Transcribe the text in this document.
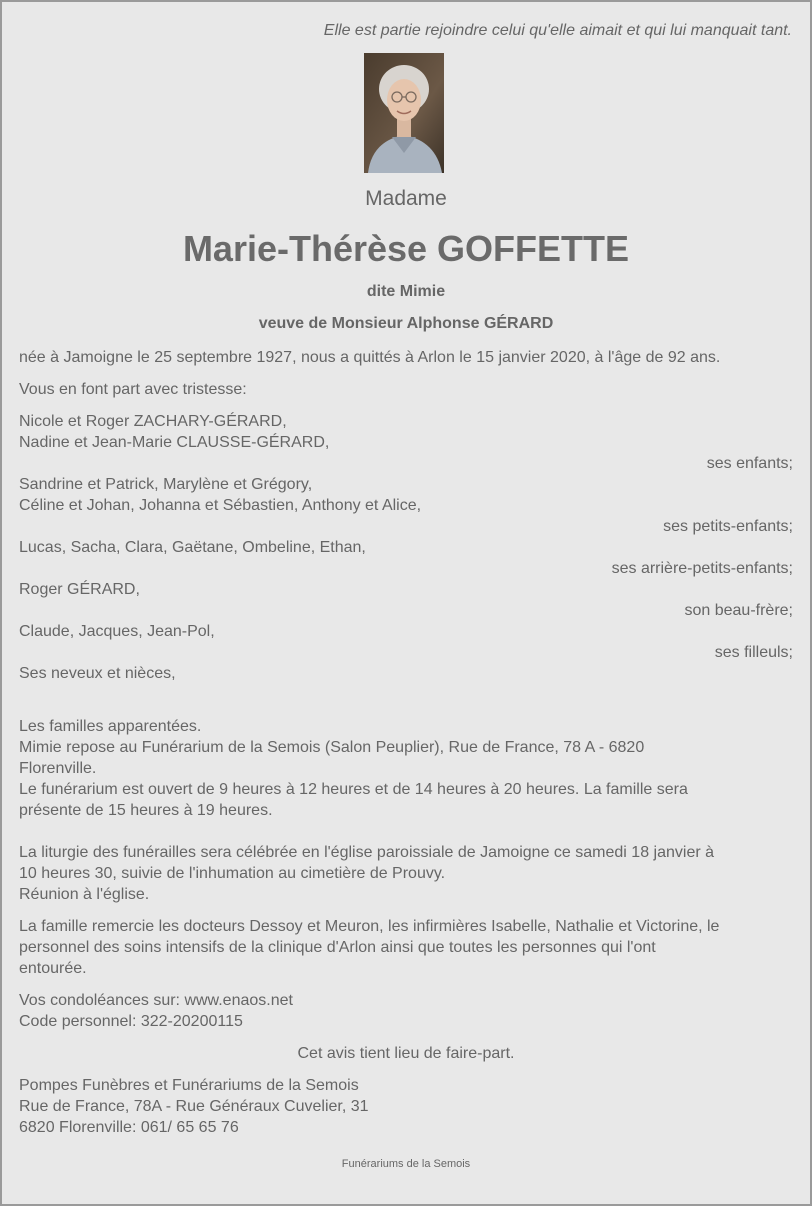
Elle est partie rejoindre celui qu'elle aimait et qui lui manquait tant.
Madame
Marie-Thérèse GOFFETTE
dite Mimie
veuve de Monsieur Alphonse GÉRARD

née à Jamoigne le 25 septembre 1927, nous a quittés à Arlon le 15 janvier 2020, à l'âge de 92 ans.

Vous en font part avec tristesse:

Nicole et Roger ZACHARY-GÉRARD,

Nadine et Jean-Marie CLAUSSE-GÉRARD,

ses enfants;

Sandrine et Patrick, Marylène et Grégory,

Céline et Johan, Johanna et Sébastien, Anthony et Alice,

ses petits-enfants;

Lucas, Sacha, Clara, Gaëtane, Ombeline, Ethan,

ses arrière-petits-enfants;

Roger GÉRARD,

son beau-frère;

Claude, Jacques, Jean-Pol,

ses filleuls;

Ses neveux et nièces,

Les familles apparentées.

Mimie repose au Funérarium de la Semois (Salon Peuplier), Rue de France, 78 A - 6820

Florenville.

Le funérarium est ouvert de 9 heures à 12 heures et de 14 heures à 20 heures. La famille sera

présente de 15 heures à 19 heures.

La liturgie des funérailles sera célébrée en l'église paroissiale de Jamoigne ce samedi 18 janvier à

10 heures 30, suivie de l'inhumation au cimetière de Prouvy.

Réunion à l'église.

La famille remercie les docteurs Dessoy et Meuron, les infirmières Isabelle, Nathalie et Victorine, le

personnel des soins intensifs de la clinique d'Arlon ainsi que toutes les personnes qui l'ont

entourée.

Vos condoléances sur: www.enaos.net

Code personnel: 322-20200115

Cet avis tient lieu de faire-part.

Pompes Funèbres et Funérariums de la Semois

Rue de France, 78A - Rue Généraux Cuvelier, 31

6820 Florenville: 061/ 65 65 76

Funérariums de la Semois
